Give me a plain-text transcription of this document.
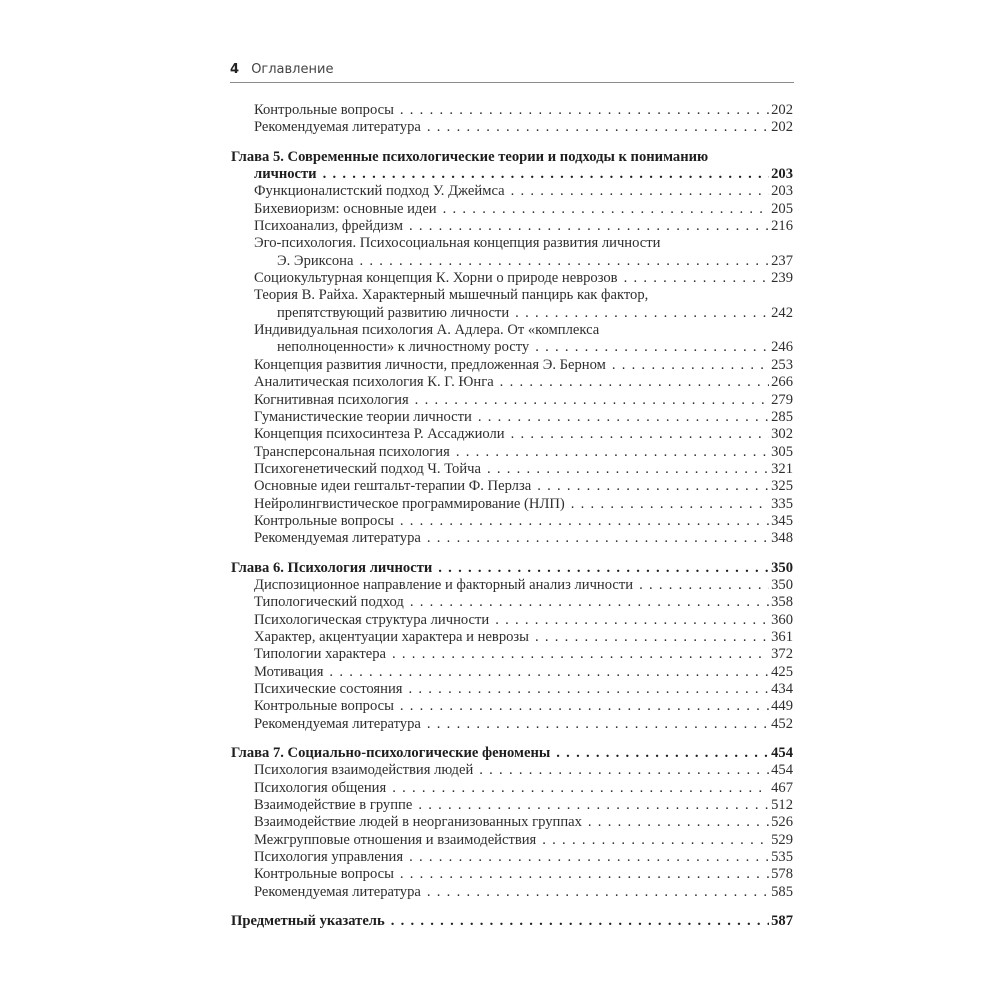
4 Оглавление
Контрольные вопросы . . .	202
Рекомендуемая литература . . .	202
Глава 5. Современные психологические теории и подходы к пониманию
личности . . .	203
Функционалистский подход У. Джеймса . . .	203
Бихевиоризм: основные идеи . . .	205
Психоанализ, фрейдизм . . .	216
Эго-психология. Психосоциальная концепция развития личности
Э. Эриксона . . .	237
Социокультурная концепция К. Хорни о природе неврозов . . .	239
Теория В. Райха. Характерный мышечный панцирь как фактор,
препятствующий развитию личности . . .	242
Индивидуальная психология А. Адлера. От «комплекса
неполноценности» к личностному росту . . .	246
Концепция развития личности, предложенная Э. Берном . . .	253
Аналитическая психология К. Г. Юнга . . .	266
Когнитивная психология . . .	279
Гуманистические теории личности . . .	285
Концепция психосинтеза Р. Ассаджиоли . . .	302
Трансперсональная психология . . .	305
Психогенетический подход Ч. Тойча . . .	321
Основные идеи гештальт-терапии Ф. Перлза . . .	325
Нейролингвистическое программирование (НЛП) . . .	335
Контрольные вопросы . . .	345
Рекомендуемая литература . . .	348
Глава 6. Психология личности . . .	350
Диспозиционное направление и факторный анализ личности . . .	350
Типологический подход . . .	358
Психологическая структура личности . . .	360
Характер, акцентуации характера и неврозы . . .	361
Типологии характера . . .	372
Мотивация . . .	425
Психические состояния . . .	434
Контрольные вопросы . . .	449
Рекомендуемая литература . . .	452
Глава 7. Социально-психологические феномены . . .	454
Психология взаимодействия людей . . .	454
Психология общения . . .	467
Взаимодействие в группе . . .	512
Взаимодействие людей в неорганизованных группах . . .	526
Межгрупповые отношения и взаимодействия . . .	529
Психология управления . . .	535
Контрольные вопросы . . .	578
Рекомендуемая литература . . .	585
Предметный указатель . . .	587
